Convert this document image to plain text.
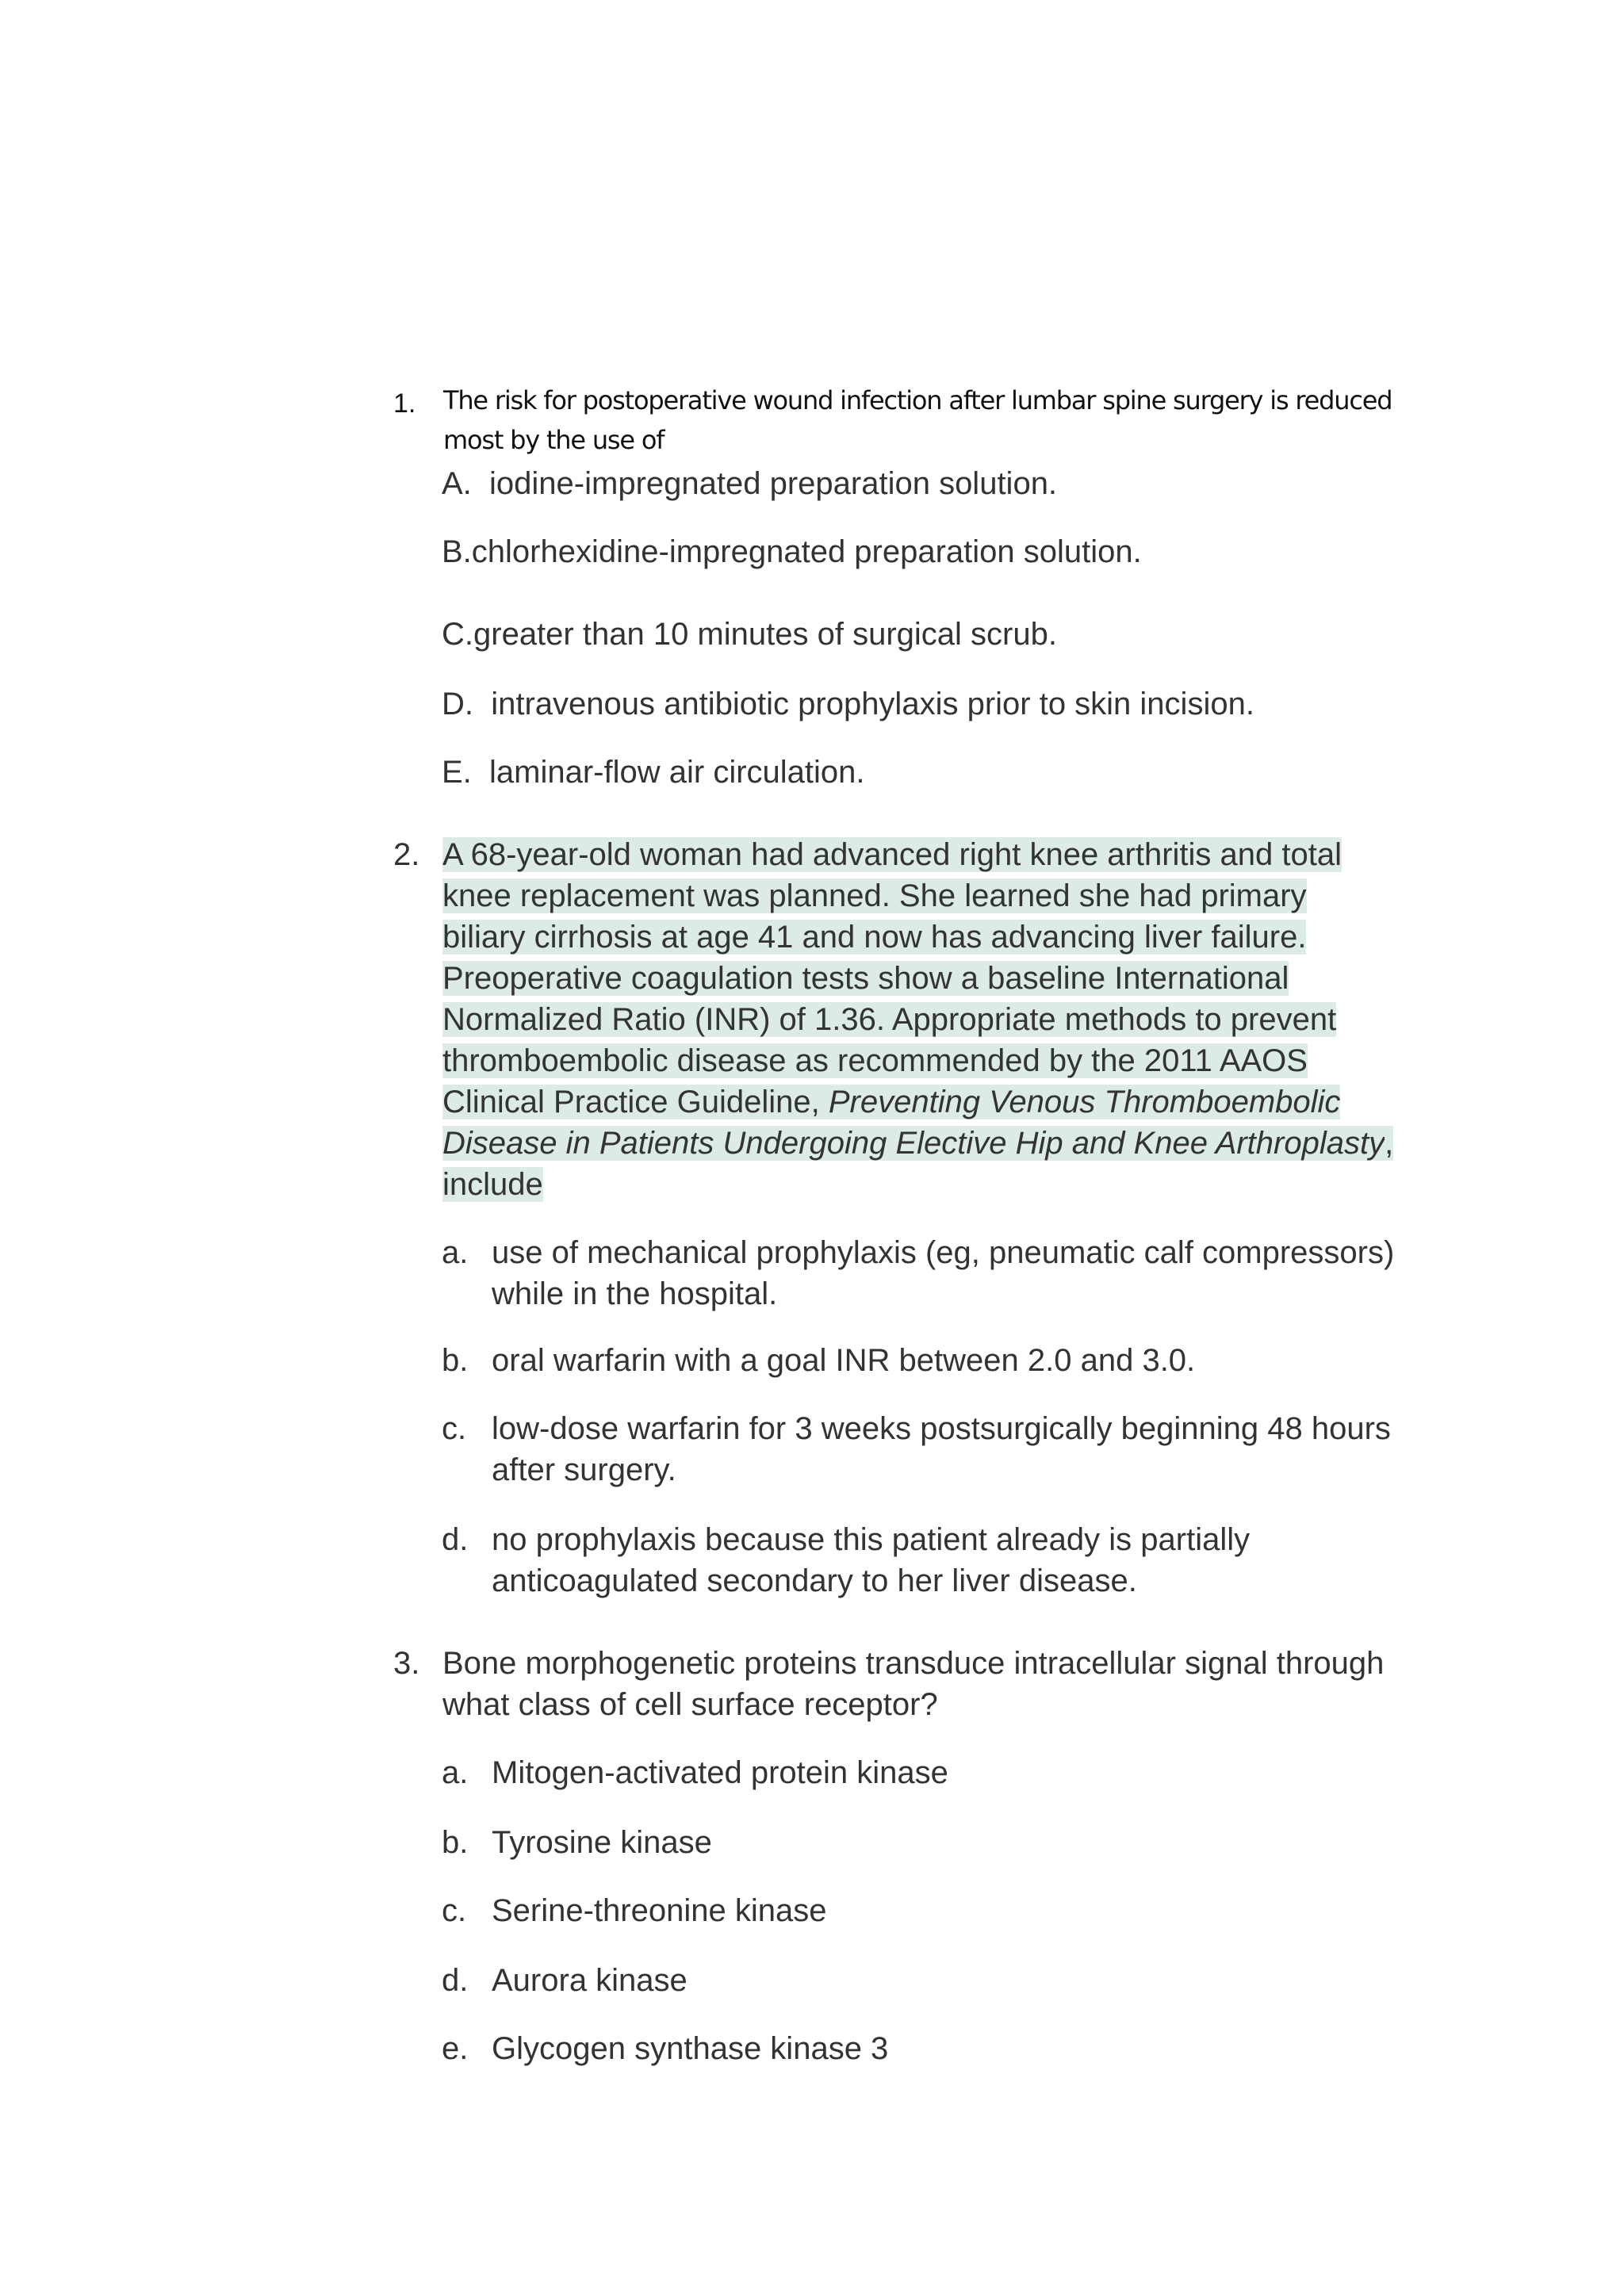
1. The risk for postoperative wound infection after lumbar spine surgery is reduced
most by the use of
A. iodine-impregnated preparation solution.
B.chlorhexidine-impregnated preparation solution.
C.greater than 10 minutes of surgical scrub.
D. intravenous antibiotic prophylaxis prior to skin incision.
E. laminar-flow air circulation.
2. A 68-year-old woman had advanced right knee arthritis and total
knee replacement was planned. She learned she had primary
biliary cirrhosis at age 41 and now has advancing liver failure.
Preoperative coagulation tests show a baseline International
Normalized Ratio (INR) of 1.36. Appropriate methods to prevent
thromboembolic disease as recommended by the 2011 AAOS
Clinical Practice Guideline, Preventing Venous Thromboembolic
Disease in Patients Undergoing Elective Hip and Knee Arthroplasty,
include
a. use of mechanical prophylaxis (eg, pneumatic calf compressors)
while in the hospital.
b. oral warfarin with a goal INR between 2.0 and 3.0.
c. low-dose warfarin for 3 weeks postsurgically beginning 48 hours
after surgery.
d. no prophylaxis because this patient already is partially
anticoagulated secondary to her liver disease.
3. Bone morphogenetic proteins transduce intracellular signal through
what class of cell surface receptor?
a. Mitogen-activated protein kinase
b. Tyrosine kinase
c. Serine-threonine kinase
d. Aurora kinase
e. Glycogen synthase kinase 3
